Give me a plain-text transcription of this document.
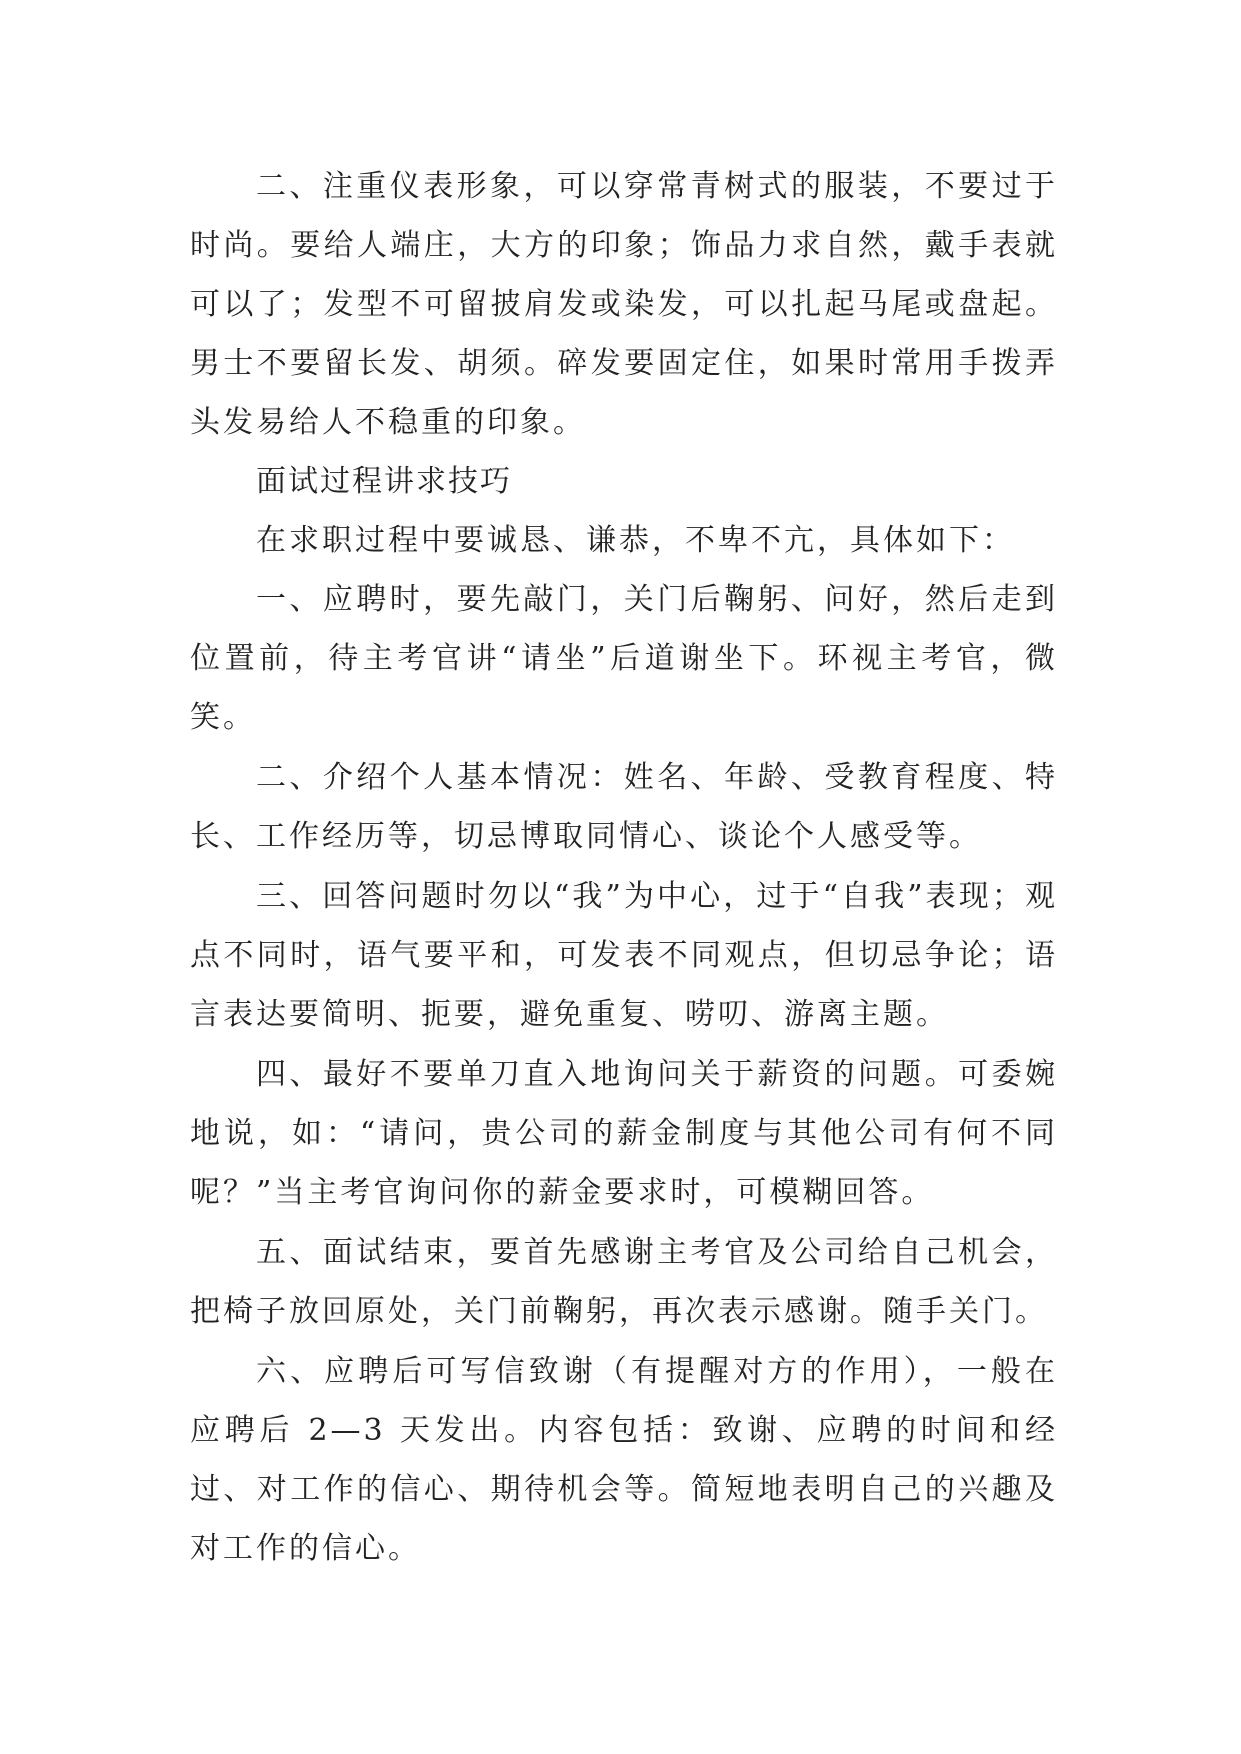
二、注重仪表形象，可以穿常青树式的服装，不要过于时尚。要给人端庄，大方的印象；饰品力求自然，戴手表就可以了；发型不可留披肩发或染发，可以扎起马尾或盘起。男士不要留长发、胡须。碎发要固定住，如果时常用手拨弄头发易给人不稳重的印象。

面试过程讲求技巧

在求职过程中要诚恳、谦恭，不卑不亢，具体如下：

一、应聘时，要先敲门，关门后鞠躬、问好，然后走到位置前，待主考官讲“请坐”后道谢坐下。环视主考官，微笑。

二、介绍个人基本情况：姓名、年龄、受教育程度、特长、工作经历等，切忌博取同情心、谈论个人感受等。

三、回答问题时勿以“我”为中心，过于“自我”表现；观点不同时，语气要平和，可发表不同观点，但切忌争论；语言表达要简明、扼要，避免重复、唠叨、游离主题。

四、最好不要单刀直入地询问关于薪资的问题。可委婉地说，如：“请问，贵公司的薪金制度与其他公司有何不同呢？”当主考官询问你的薪金要求时，可模糊回答。

五、面试结束，要首先感谢主考官及公司给自己机会，把椅子放回原处，关门前鞠躬，再次表示感谢。随手关门。

六、应聘后可写信致谢（有提醒对方的作用），一般在应聘后 2—3 天发出。内容包括：致谢、应聘的时间和经过、对工作的信心、期待机会等。简短地表明自己的兴趣及对工作的信心。
